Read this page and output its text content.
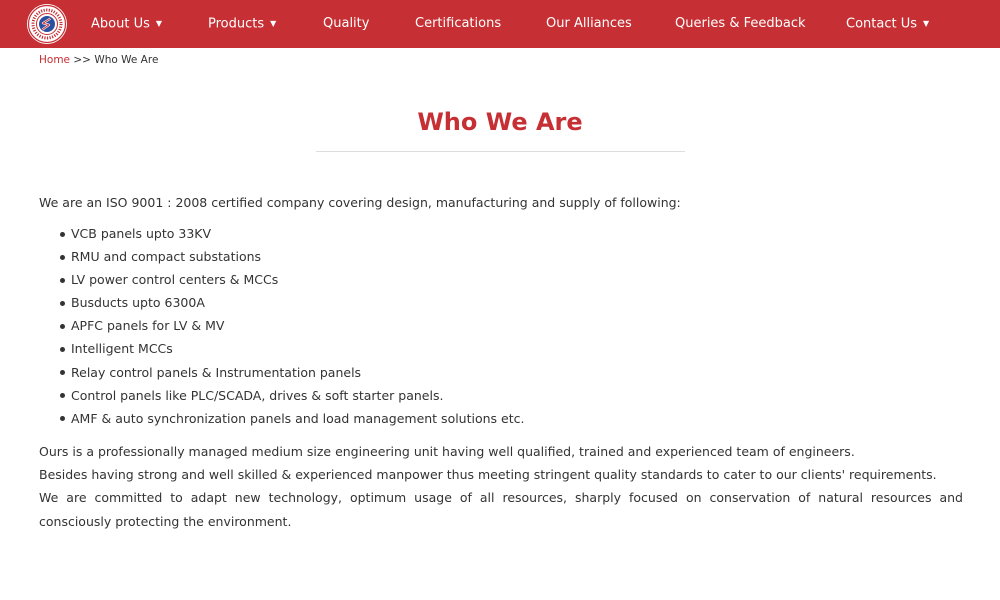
About Us ▼	Products ▼	Quality	Certifications	Our Alliances	Queries & Feedback	Contact Us ▼
Home >> Who We Are
Who We Are

We are an ISO 9001 : 2008 certified company covering design, manufacturing and supply of following:

VCB panels upto 33KV
RMU and compact substations
LV power control centers & MCCs
Busducts upto 6300A
APFC panels for LV & MV
Intelligent MCCs
Relay control panels & Instrumentation panels
Control panels like PLC/SCADA, drives & soft starter panels.
AMF & auto synchronization panels and load management solutions etc.

Ours is a professionally managed medium size engineering unit having well qualified, trained and experienced team of engineers.

Besides having strong and well skilled & experienced manpower thus meeting stringent quality standards to cater to our clients' requirements.

We are committed to adapt new technology, optimum usage of all resources, sharply focused on conservation of natural resources and consciously protecting the environment.
